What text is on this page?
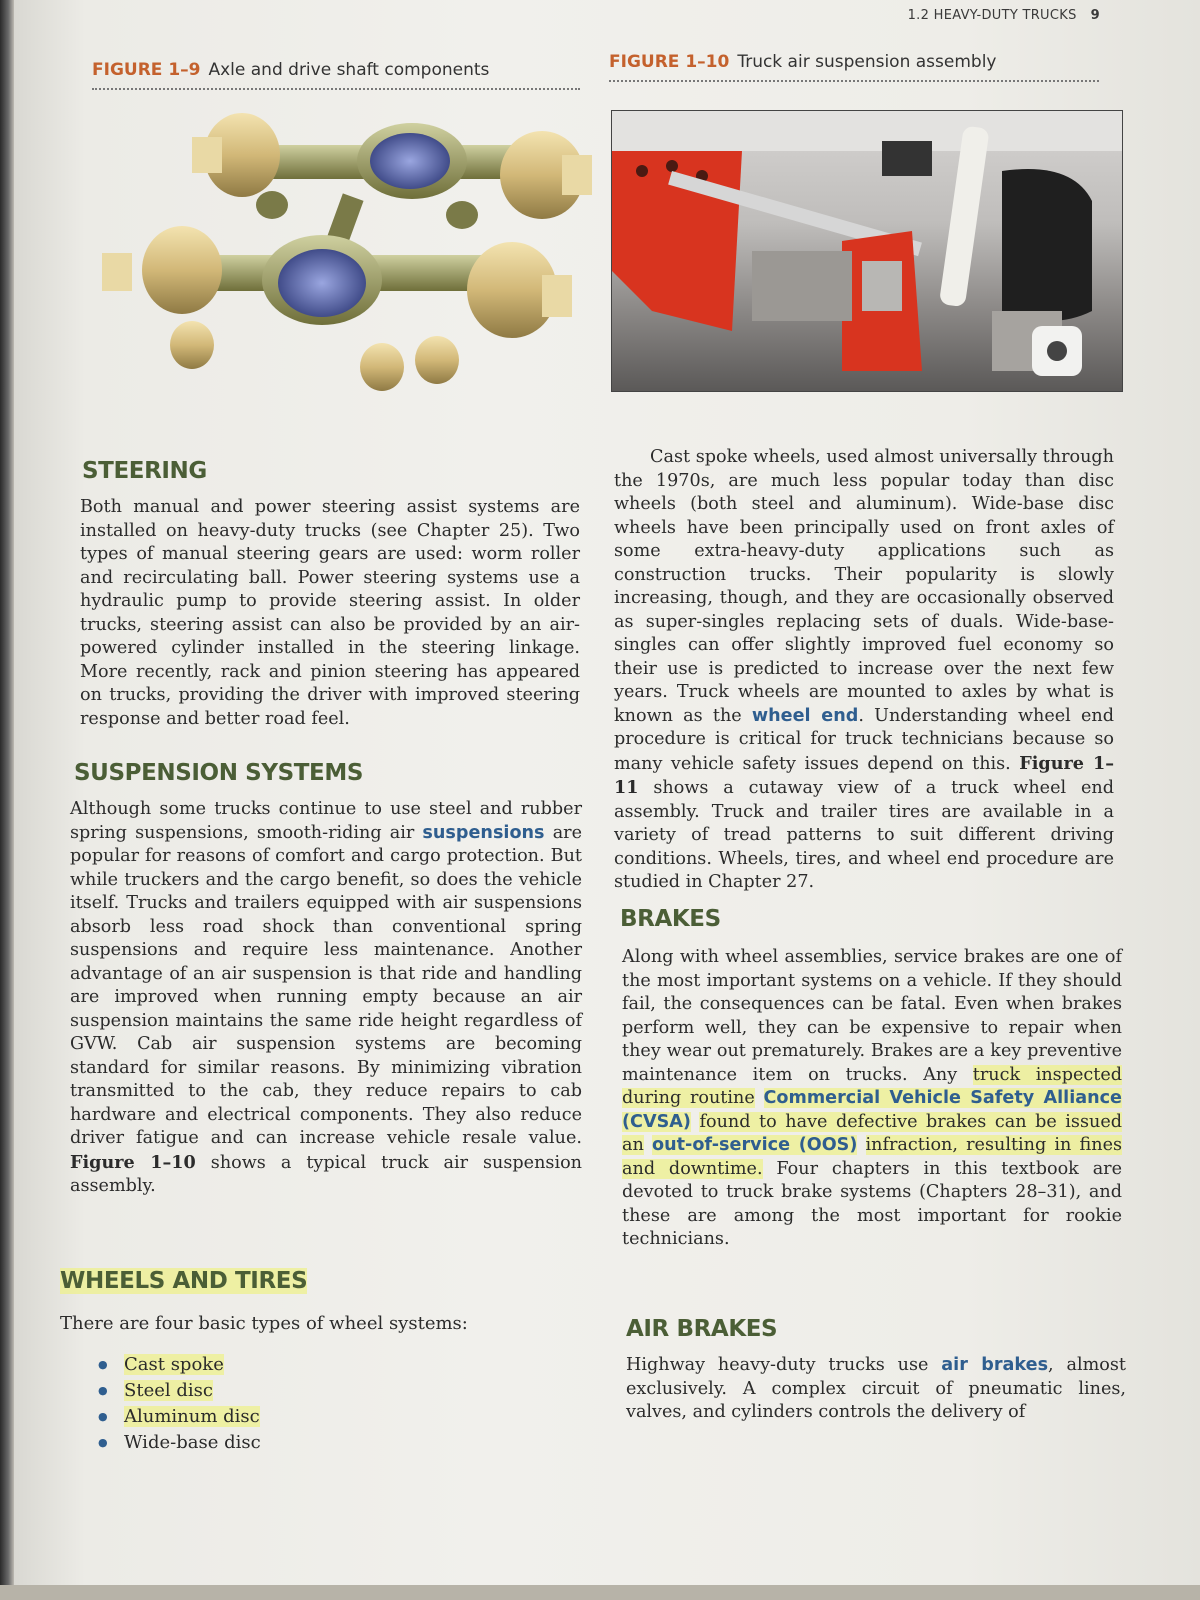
1.2 HEAVY-DUTY TRUCKS 9
FIGURE 1–9 Axle and drive shaft components	FIGURE 1–10 Truck air suspension assembly
STEERING

Both manual and power steering assist systems are installed on heavy-duty trucks (see Chapter 25). Two types of manual steering gears are used: worm roller and recirculating ball. Power steering systems use a hydraulic pump to provide steering assist. In older trucks, steering assist can also be provided by an air-powered cylinder installed in the steering linkage. More recently, rack and pinion steering has appeared on trucks, providing the driver with improved steering response and better road feel.

SUSPENSION SYSTEMS

Although some trucks continue to use steel and rubber spring suspensions, smooth-riding air suspensions are popular for reasons of comfort and cargo protection. But while truckers and the cargo benefit, so does the vehicle itself. Trucks and trailers equipped with air suspensions absorb less road shock than conventional spring suspensions and require less maintenance. Another advantage of an air suspension is that ride and handling are improved when running empty because an air suspension maintains the same ride height regardless of GVW. Cab air suspension systems are becoming standard for similar reasons. By minimizing vibration transmitted to the cab, they reduce repairs to cab hardware and electrical components. They also reduce driver fatigue and can increase vehicle resale value. Figure 1–10 shows a typical truck air suspension assembly.

WHEELS AND TIRES

There are four basic types of wheel systems:

● Cast spoke
● Steel disc
● Aluminum disc
● Wide-base disc

Cast spoke wheels, used almost universally through the 1970s, are much less popular today than disc wheels (both steel and aluminum). Wide-base disc wheels have been principally used on front axles of some extra-heavy-duty applications such as construction trucks. Their popularity is slowly increasing, though, and they are occasionally observed as super-singles replacing sets of duals. Wide-base-singles can offer slightly improved fuel economy so their use is predicted to increase over the next few years. Truck wheels are mounted to axles by what is known as the wheel end. Understanding wheel end procedure is critical for truck technicians because so many vehicle safety issues depend on this. Figure 1–11 shows a cutaway view of a truck wheel end assembly. Truck and trailer tires are available in a variety of tread patterns to suit different driving conditions. Wheels, tires, and wheel end procedure are studied in Chapter 27.

BRAKES

Along with wheel assemblies, service brakes are one of the most important systems on a vehicle. If they should fail, the consequences can be fatal. Even when brakes perform well, they can be expensive to repair when they wear out prematurely. Brakes are a key preventive maintenance item on trucks. Any truck inspected during routine Commercial Vehicle Safety Alliance (CVSA) found to have defective brakes can be issued an out-of-service (OOS) infraction, resulting in fines and downtime. Four chapters in this textbook are devoted to truck brake systems (Chapters 28–31), and these are among the most important for rookie technicians.

AIR BRAKES

Highway heavy-duty trucks use air brakes, almost exclusively. A complex circuit of pneumatic lines, valves, and cylinders controls the delivery of
